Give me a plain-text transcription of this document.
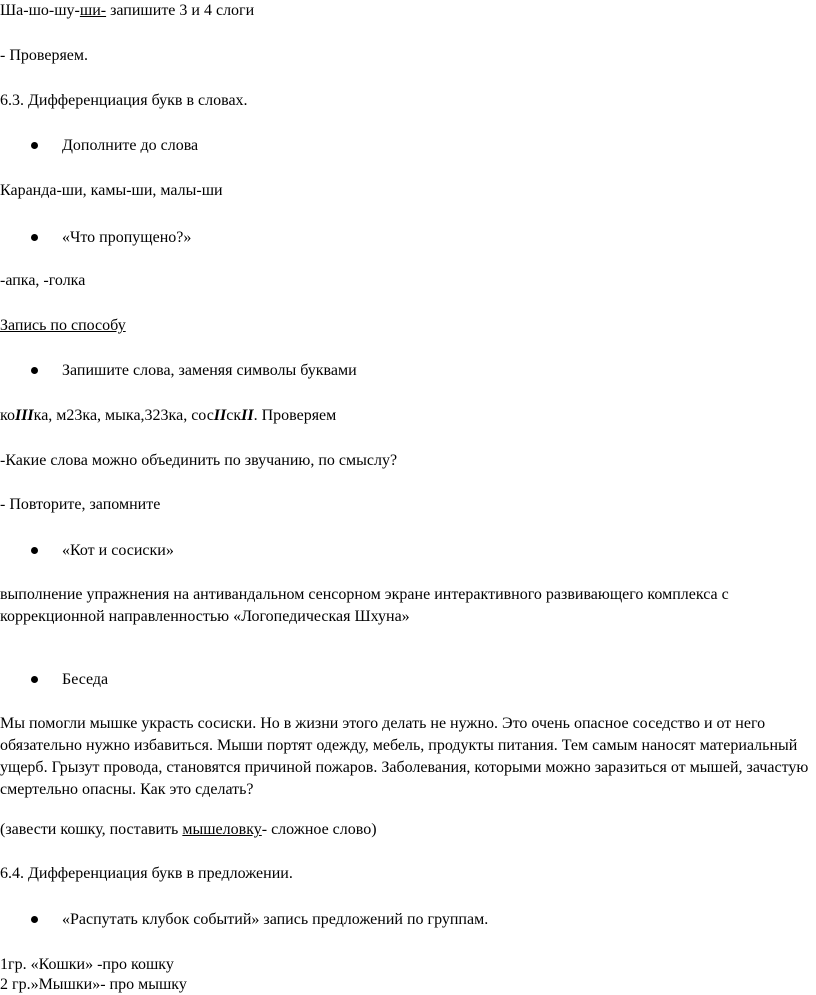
Ша-шо-шу-ши- запишите 3 и 4 слоги
- Проверяем.
6.3. Дифференциация букв в словах.
Дополните до слова
Каранда-ши, камы-ши, малы-ши
«Что пропущено?»
-апка, -голка
Запись по способу
Запишите слова, заменяя символы буквами
коIIIка, м23ка, мыка,323ка, сосIIскII. Проверяем
-Какие слова можно объединить по звучанию, по смыслу?
- Повторите, запомните
«Кот и сосиски»
выполнение упражнения на антивандальном сенсорном экране интерактивного развивающего комплекса с коррекционной направленностью «Логопедическая Шхуна»
Беседа
Мы помогли мышке украсть сосиски. Но в жизни этого делать не нужно. Это очень опасное соседство и от него обязательно нужно избавиться. Мыши портят одежду, мебель, продукты питания. Тем самым наносят материальный ущерб. Грызут провода, становятся причиной пожаров. Заболевания, которыми можно заразиться от мышей, зачастую смертельно опасны. Как это сделать?
(завести кошку, поставить мышеловку- сложное слово)
6.4. Дифференциация букв в предложении.
«Распутать клубок событий» запись предложений по группам.
1гр. «Кошки» -про кошку
2 гр.»Мышки»- про мышку
